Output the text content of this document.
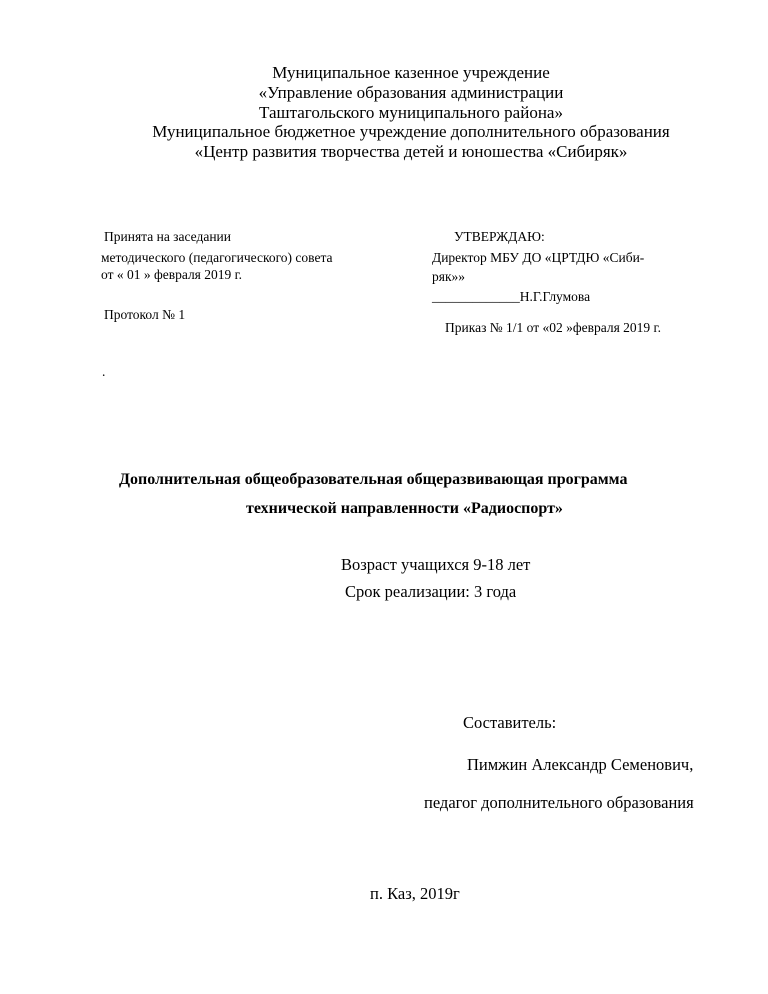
Муниципальное казенное учреждение
«Управление образования администрации
Таштагольского муниципального района»
Муниципальное бюджетное учреждение дополнительного образования
«Центр развития творчества детей и юношества «Сибиряк»
Принята на заседании
методического (педагогического) совета
от « 01 » февраля 2019 г.
Протокол № 1
.
УТВЕРЖДАЮ:
Директор МБУ ДО «ЦРТДЮ «Сиби-
ряк»»
_____________Н.Г.Глумова
Приказ № 1/1 от «02 »февраля 2019 г.
Дополнительная общеобразовательная общеразвивающая программа
технической направленности «Радиоспорт»
Возраст учащихся 9-18 лет
Срок реализации: 3 года
Составитель:
Пимжин Александр Семенович,
педагог дополнительного образования
п. Каз, 2019г
